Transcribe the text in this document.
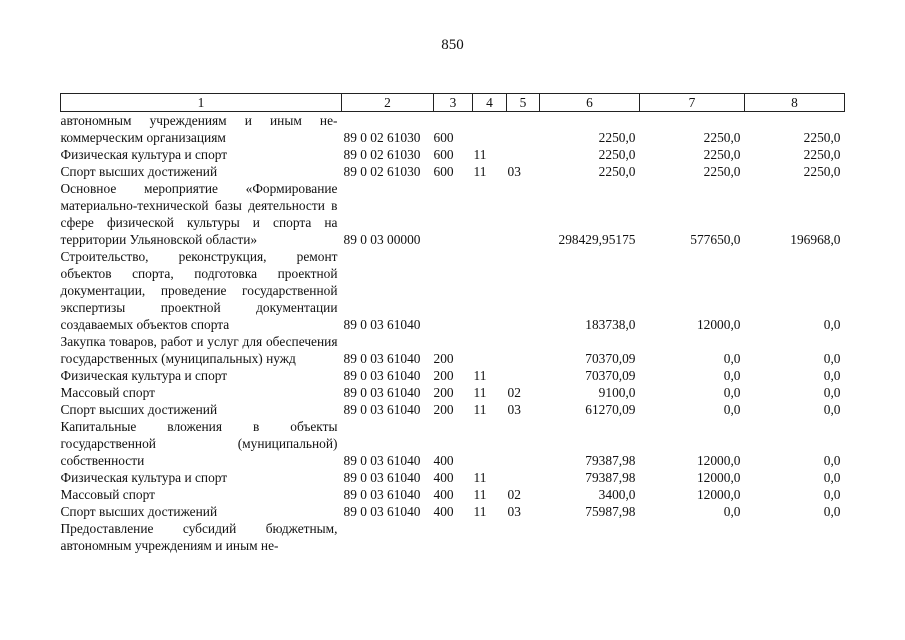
850
1	2	3	4	5	6	7	8
автономным учреждениям и иным не-коммерческим организациям	89 0 02 61030	600			2250,0	2250,0	2250,0
Физическая культура и спорт	89 0 02 61030	600	11		2250,0	2250,0	2250,0
Спорт высших достижений	89 0 02 61030	600	11	03	2250,0	2250,0	2250,0
Основное мероприятие «Формирование материально-технической базы деятельности в сфере физической культуры и спорта на территории Ульяновской области»	89 0 03 00000				298429,95175	577650,0	196968,0
Строительство, реконструкция, ремонт объектов спорта, подготовка проектной документации, проведение государственной экспертизы проектной документации создаваемых объектов спорта	89 0 03 61040				183738,0	12000,0	0,0
Закупка товаров, работ и услуг для обеспечения государственных (муниципальных) нужд	89 0 03 61040	200			70370,09	0,0	0,0
Физическая культура и спорт	89 0 03 61040	200	11		70370,09	0,0	0,0
Массовый спорт	89 0 03 61040	200	11	02	9100,0	0,0	0,0
Спорт высших достижений	89 0 03 61040	200	11	03	61270,09	0,0	0,0
Капитальные вложения в объекты государственной (муниципальной) собственности	89 0 03 61040	400			79387,98	12000,0	0,0
Физическая культура и спорт	89 0 03 61040	400	11		79387,98	12000,0	0,0
Массовый спорт	89 0 03 61040	400	11	02	3400,0	12000,0	0,0
Спорт высших достижений	89 0 03 61040	400	11	03	75987,98	0,0	0,0
Предоставление субсидий бюджетным, автономным учреждениям и иным не-							
